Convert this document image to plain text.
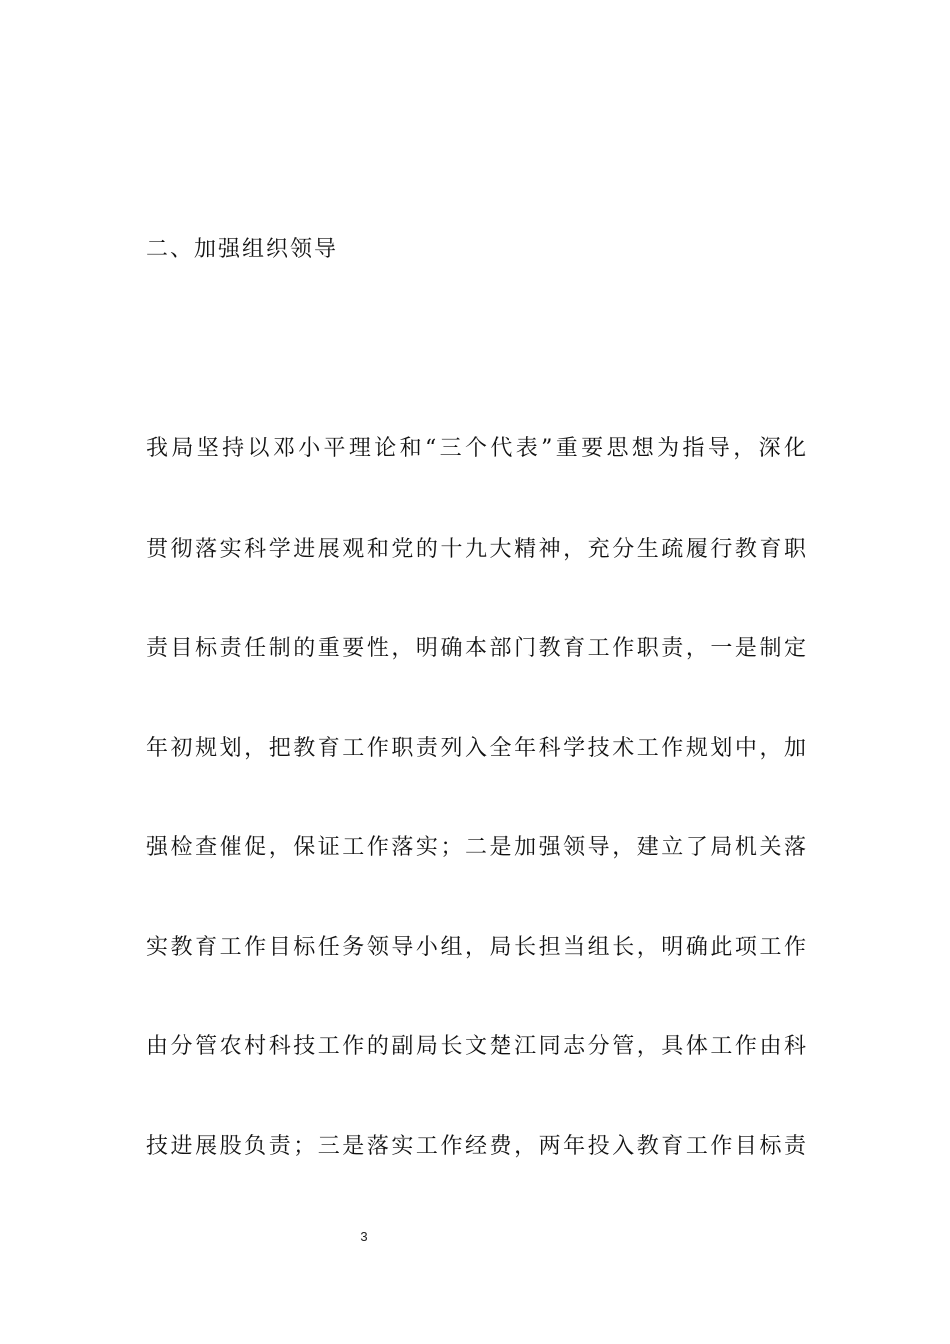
二、加强组织领导
我局坚持以邓小平理论和“三个代表”重要思想为指导，深化
贯彻落实科学进展观和党的十九大精神，充分生疏履行教育职
责目标责任制的重要性，明确本部门教育工作职责，一是制定
年初规划，把教育工作职责列入全年科学技术工作规划中，加
强检查催促，保证工作落实；二是加强领导，建立了局机关落
实教育工作目标任务领导小组，局长担当组长，明确此项工作
由分管农村科技工作的副局长文楚江同志分管，具体工作由科
技进展股负责；三是落实工作经费，两年投入教育工作目标责
3
